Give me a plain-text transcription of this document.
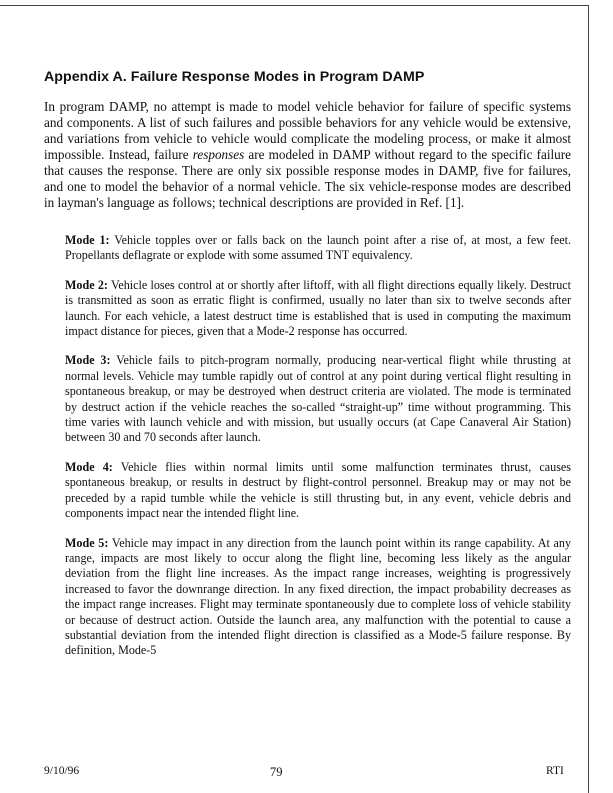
Appendix A. Failure Response Modes in Program DAMP

In program DAMP, no attempt is made to model vehicle behavior for failure of specific systems and components. A list of such failures and possible behaviors for any vehicle would be extensive, and variations from vehicle to vehicle would complicate the modeling process, or make it almost impossible. Instead, failure responses are modeled in DAMP without regard to the specific failure that causes the response. There are only six possible response modes in DAMP, five for failures, and one to model the behavior of a normal vehicle. The six vehicle-response modes are described in layman's language as follows; technical descriptions are provided in Ref. [1].

Mode 1: Vehicle topples over or falls back on the launch point after a rise of, at most, a few feet. Propellants deflagrate or explode with some assumed TNT equivalency.

Mode 2: Vehicle loses control at or shortly after liftoff, with all flight directions equally likely. Destruct is transmitted as soon as erratic flight is confirmed, usually no later than six to twelve seconds after launch. For each vehicle, a latest destruct time is established that is used in computing the maximum impact distance for pieces, given that a Mode-2 response has occurred.

Mode 3: Vehicle fails to pitch-program normally, producing near-vertical flight while thrusting at normal levels. Vehicle may tumble rapidly out of control at any point during vertical flight resulting in spontaneous breakup, or may be destroyed when destruct criteria are violated. The mode is terminated by destruct action if the vehicle reaches the so-called “straight-up” time without programming. This time varies with launch vehicle and with mission, but usually occurs (at Cape Canaveral Air Station) between 30 and 70 seconds after launch.

Mode 4: Vehicle flies within normal limits until some malfunction terminates thrust, causes spontaneous breakup, or results in destruct by flight-control personnel. Breakup may or may not be preceded by a rapid tumble while the vehicle is still thrusting but, in any event, vehicle debris and components impact near the intended flight line.

Mode 5: Vehicle may impact in any direction from the launch point within its range capability. At any range, impacts are most likely to occur along the flight line, becoming less likely as the angular deviation from the flight line increases. As the impact range increases, weighting is progressively increased to favor the downrange direction. In any fixed direction, the impact probability decreases as the impact range increases. Flight may terminate spontaneously due to complete loss of vehicle stability or because of destruct action. Outside the launch area, any malfunction with the potential to cause a substantial deviation from the intended flight direction is classified as a Mode-5 failure response. By definition, Mode-5

9/10/96	79	RTI
